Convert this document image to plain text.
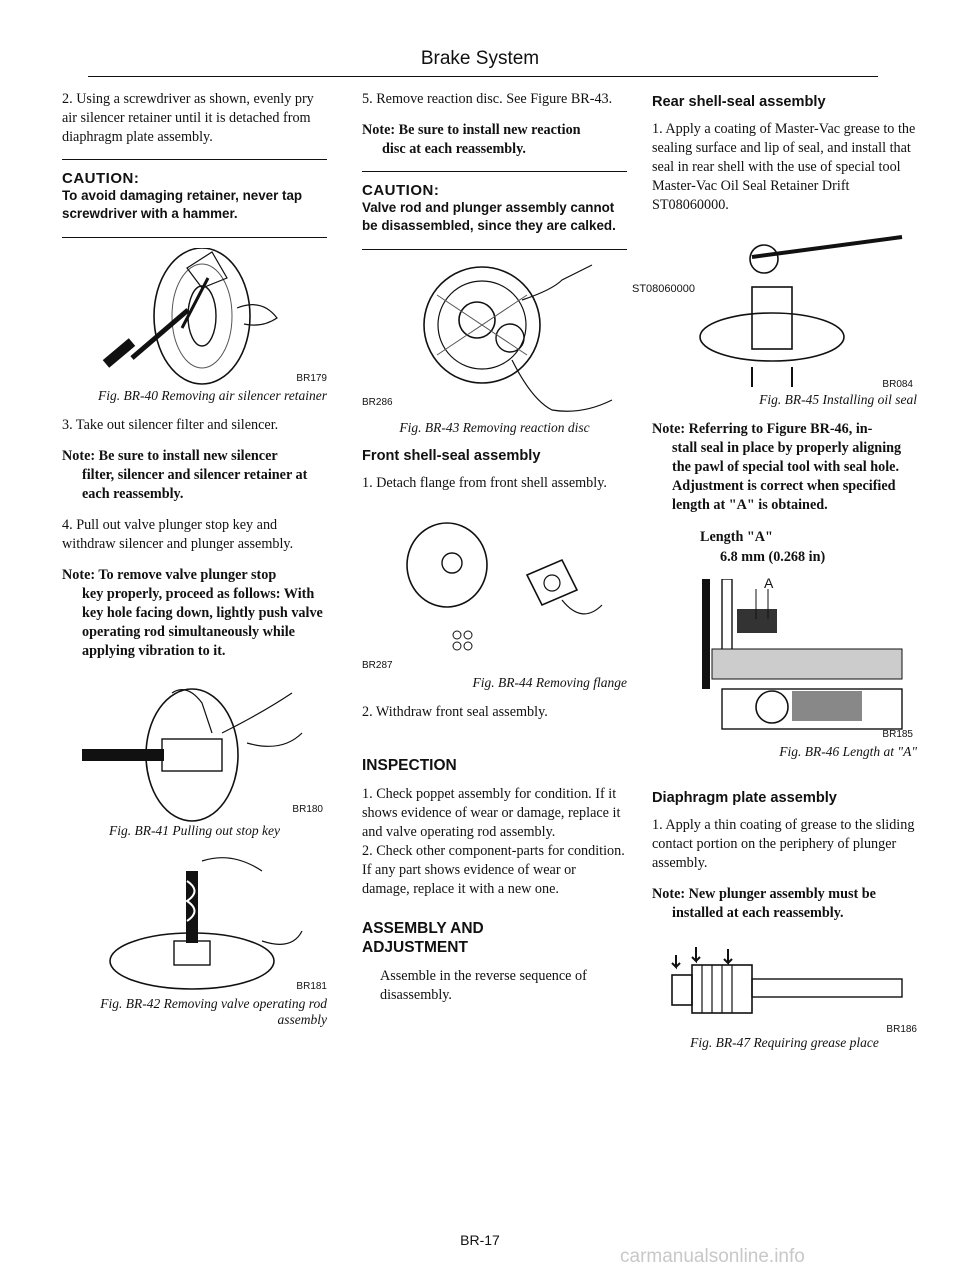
Brake System

2. Using a screwdriver as shown, evenly pry air silencer retainer until it is detached from diaphragm plate assembly.

CAUTION:
To avoid damaging retainer, never tap screwdriver with a hammer.
BR179
Fig. BR-40 Removing air silencer retainer

3. Take out silencer filter and silencer.

Note: Be sure to install new silencer
filter, silencer and silencer retainer at each reassembly.

4. Pull out valve plunger stop key and withdraw silencer and plunger assembly.

Note: To remove valve plunger stop
key properly, proceed as follows: With key hole facing down, lightly push valve operating rod simultaneously while applying vibration to it.
BR180
Fig. BR-41 Pulling out stop key
BR181
Fig. BR-42 Removing valve operating rod assembly

5. Remove reaction disc. See Figure BR-43.

Note: Be sure to install new reaction
disc at each reassembly.
CAUTION:
Valve rod and plunger assembly cannot be disassembled, since they are calked.
BR286
Fig. BR-43 Removing reaction disc
Front shell-seal assembly

1. Detach flange from front shell assembly.

BR287
Fig. BR-44 Removing flange

2. Withdraw front seal assembly.

INSPECTION

1. Check poppet assembly for condition. If it shows evidence of wear or damage, replace it and valve operating rod assembly.

2. Check other component-parts for condition. If any part shows evidence of wear or damage, replace it with a new one.

ASSEMBLY AND
ADJUSTMENT

Assemble in the reverse sequence of disassembly.

Rear shell-seal assembly

1. Apply a coating of Master-Vac grease to the sealing surface and lip of seal, and install that seal in rear shell with the use of special tool Master-Vac Oil Seal Retainer Drift ST08060000.

ST08060000
BR084
Fig. BR-45 Installing oil seal
Note: Referring to Figure BR-46, in-
stall seal in place by properly aligning the pawl of special tool with seal hole. Adjustment is correct when specified length at "A" is obtained.
Length "A"
6.8 mm (0.268 in)
A
BR185
Fig. BR-46 Length at "A"
Diaphragm plate assembly

1. Apply a thin coating of grease to the sliding contact portion on the periphery of plunger assembly.

Note: New plunger assembly must be
installed at each reassembly.
BR186
Fig. BR-47 Requiring grease place
BR-17
carmanualsonline.info
